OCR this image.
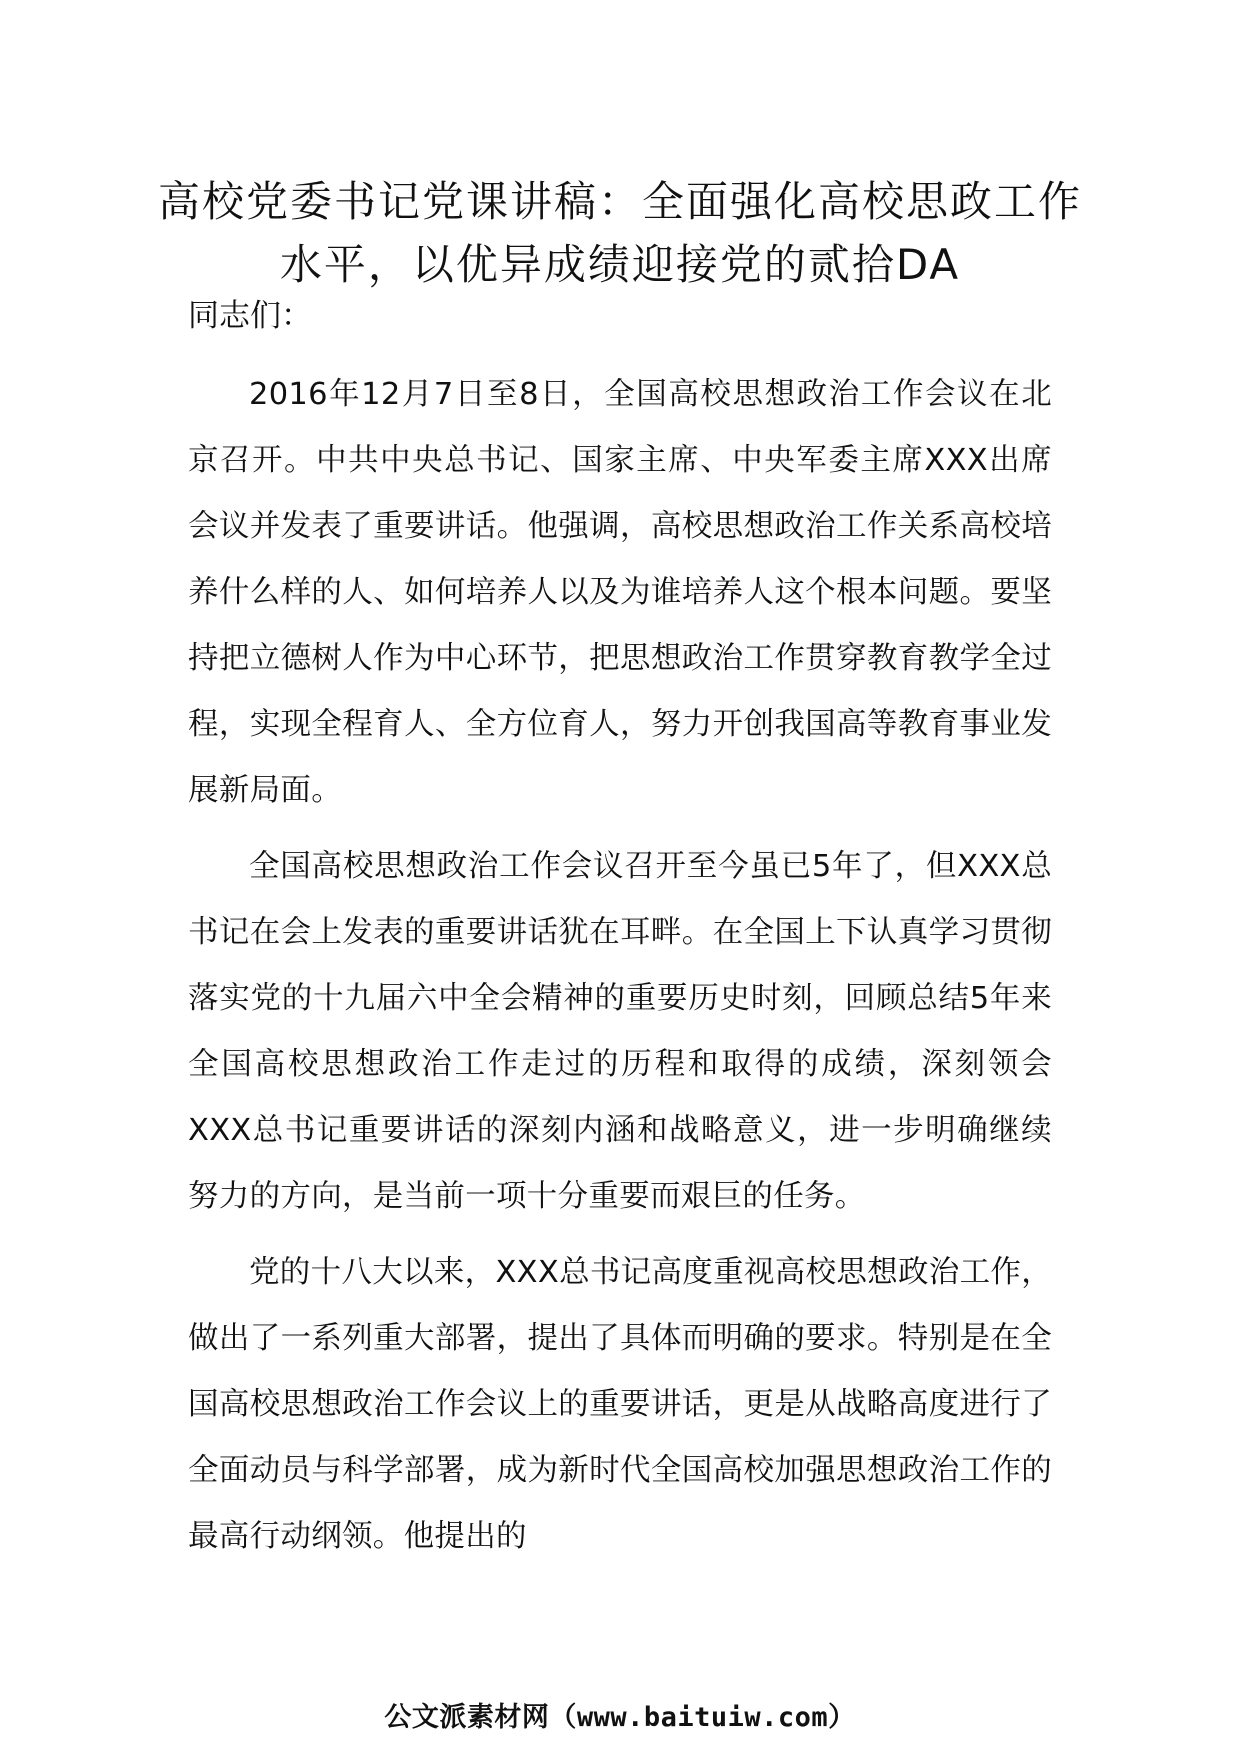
高校党委书记党课讲稿：全面强化高校思政工作水平，以优异成绩迎接党的贰拾DA

同志们：

2016年12月7日至8日，全国高校思想政治工作会议在北京召开。中共中央总书记、国家主席、中央军委主席XXX出席会议并发表了重要讲话。他强调，高校思想政治工作关系高校培养什么样的人、如何培养人以及为谁培养人这个根本问题。要坚持把立德树人作为中心环节，把思想政治工作贯穿教育教学全过程，实现全程育人、全方位育人，努力开创我国高等教育事业发展新局面。

全国高校思想政治工作会议召开至今虽已5年了，但XXX总书记在会上发表的重要讲话犹在耳畔。在全国上下认真学习贯彻落实党的十九届六中全会精神的重要历史时刻，回顾总结5年来全国高校思想政治工作走过的历程和取得的成绩，深刻领会XXX总书记重要讲话的深刻内涵和战略意义，进一步明确继续努力的方向，是当前一项十分重要而艰巨的任务。

党的十八大以来，XXX总书记高度重视高校思想政治工作，做出了一系列重大部署，提出了具体而明确的要求。特别是在全国高校思想政治工作会议上的重要讲话，更是从战略高度进行了全面动员与科学部署，成为新时代全国高校加强思想政治工作的最高行动纲领。他提出的

公文派素材网（www.baituiw.com）
